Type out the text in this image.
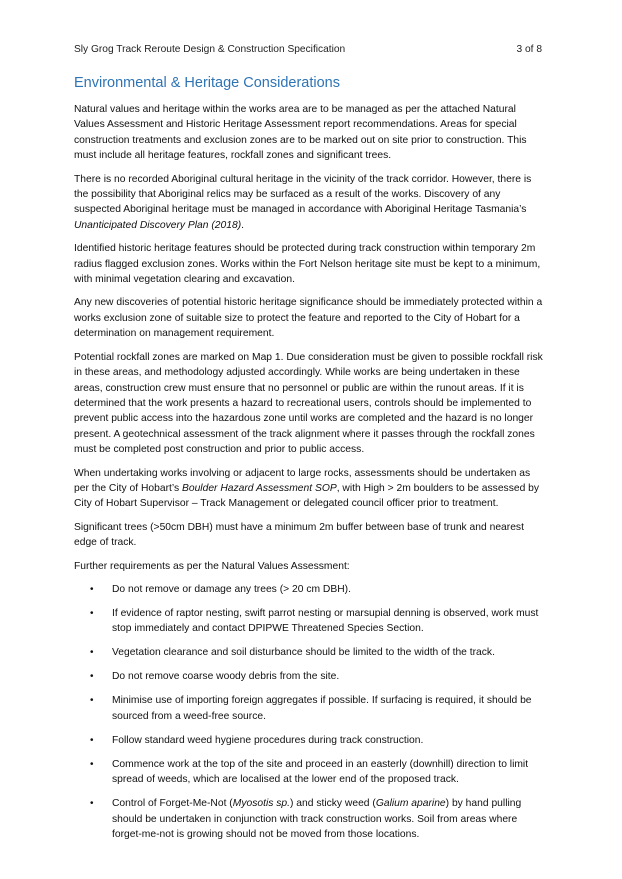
Sly Grog Track Reroute Design & Construction Specification	3 of 8
Environmental & Heritage Considerations

Natural values and heritage within the works area are to be managed as per the attached Natural Values Assessment and Historic Heritage Assessment report recommendations. Areas for special construction treatments and exclusion zones are to be marked out on site prior to construction. This must include all heritage features, rockfall zones and significant trees.

There is no recorded Aboriginal cultural heritage in the vicinity of the track corridor. However, there is the possibility that Aboriginal relics may be surfaced as a result of the works. Discovery of any suspected Aboriginal heritage must be managed in accordance with Aboriginal Heritage Tasmania’s Unanticipated Discovery Plan (2018).

Identified historic heritage features should be protected during track construction within temporary 2m radius flagged exclusion zones. Works within the Fort Nelson heritage site must be kept to a minimum, with minimal vegetation clearing and excavation.

Any new discoveries of potential historic heritage significance should be immediately protected within a works exclusion zone of suitable size to protect the feature and reported to the City of Hobart for a determination on management requirement.

Potential rockfall zones are marked on Map 1. Due consideration must be given to possible rockfall risk in these areas, and methodology adjusted accordingly. While works are being undertaken in these areas, construction crew must ensure that no personnel or public are within the runout areas. If it is determined that the work presents a hazard to recreational users, controls should be implemented to prevent public access into the hazardous zone until works are completed and the hazard is no longer present. A geotechnical assessment of the track alignment where it passes through the rockfall zones must be completed post construction and prior to public access.

When undertaking works involving or adjacent to large rocks, assessments should be undertaken as per the City of Hobart’s Boulder Hazard Assessment SOP, with High > 2m boulders to be assessed by City of Hobart Supervisor – Track Management or delegated council officer prior to treatment.

Significant trees (>50cm DBH) must have a minimum 2m buffer between base of trunk and nearest edge of track.

Further requirements as per the Natural Values Assessment:

• Do not remove or damage any trees (> 20 cm DBH).
• If evidence of raptor nesting, swift parrot nesting or marsupial denning is observed, work must stop immediately and contact DPIPWE Threatened Species Section.
• Vegetation clearance and soil disturbance should be limited to the width of the track.
• Do not remove coarse woody debris from the site.
• Minimise use of importing foreign aggregates if possible. If surfacing is required, it should be sourced from a weed-free source.
• Follow standard weed hygiene procedures during track construction.
• Commence work at the top of the site and proceed in an easterly (downhill) direction to limit spread of weeds, which are localised at the lower end of the proposed track.
• Control of Forget-Me-Not (Myosotis sp.) and sticky weed (Galium aparine) by hand pulling should be undertaken in conjunction with track construction works. Soil from areas where forget-me-not is growing should not be moved from those locations.
